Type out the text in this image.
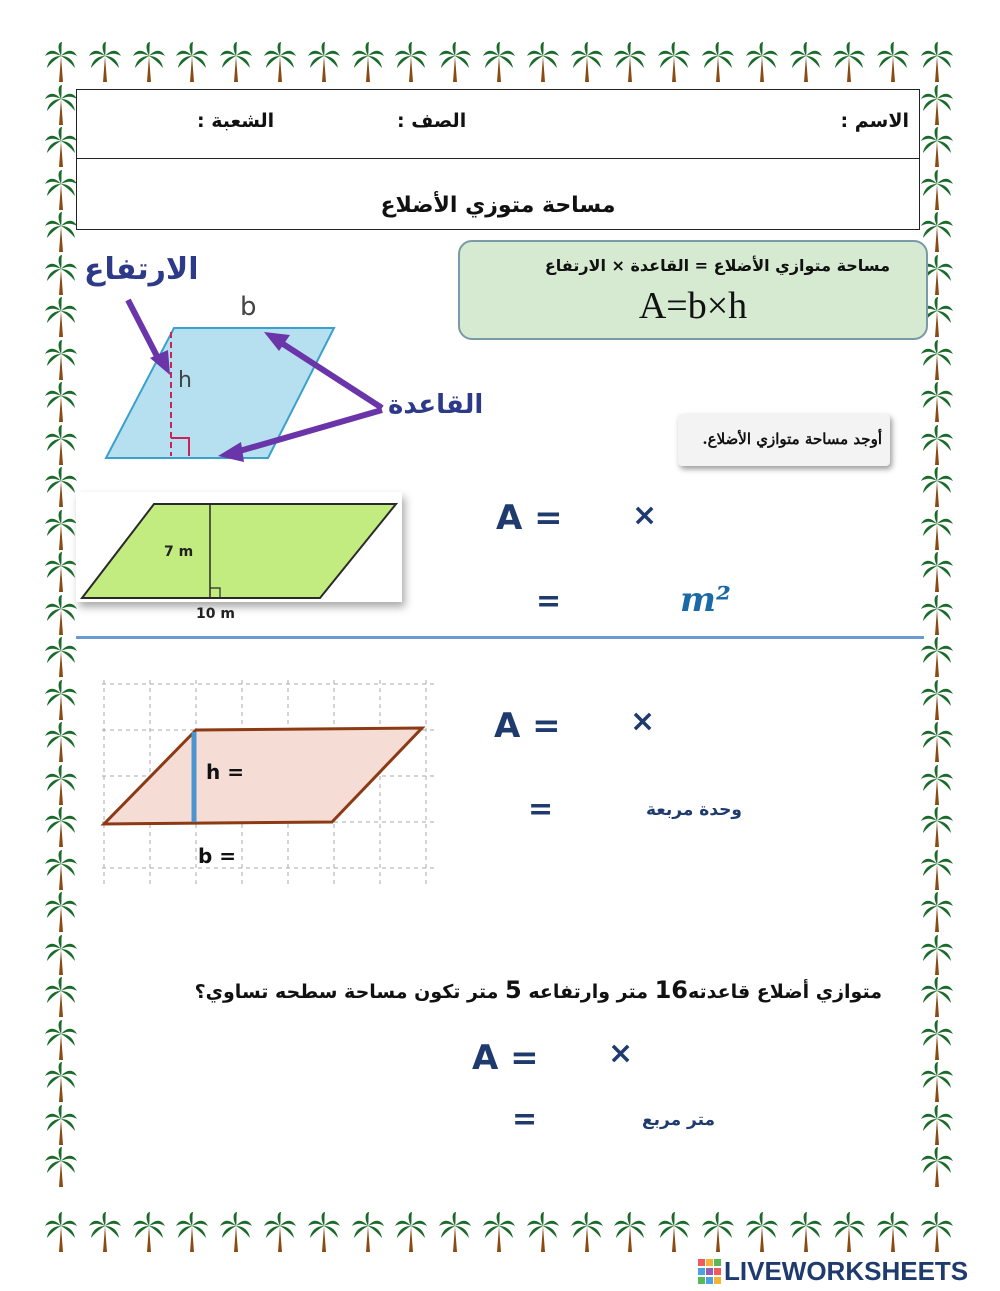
الاسم :
الصف :
الشعبة :
مساحة متوزي الأضلاع
مساحة متوازي الأضلاع = القاعدة × الارتفاع
A=b×h
الارتفاع
القاعدة
b
h
أوجد مساحة متوازي الأضلاع.
7 m
10 m
A = ×
=	m²
h =
b =
A = ×
=	وحدة مربعة
متوازي أضلاع قاعدته16 متر وارتفاعه 5 متر تكون مساحة سطحه تساوي؟
A = ×
=	متر مربع
LIVEWORKSHEETS
